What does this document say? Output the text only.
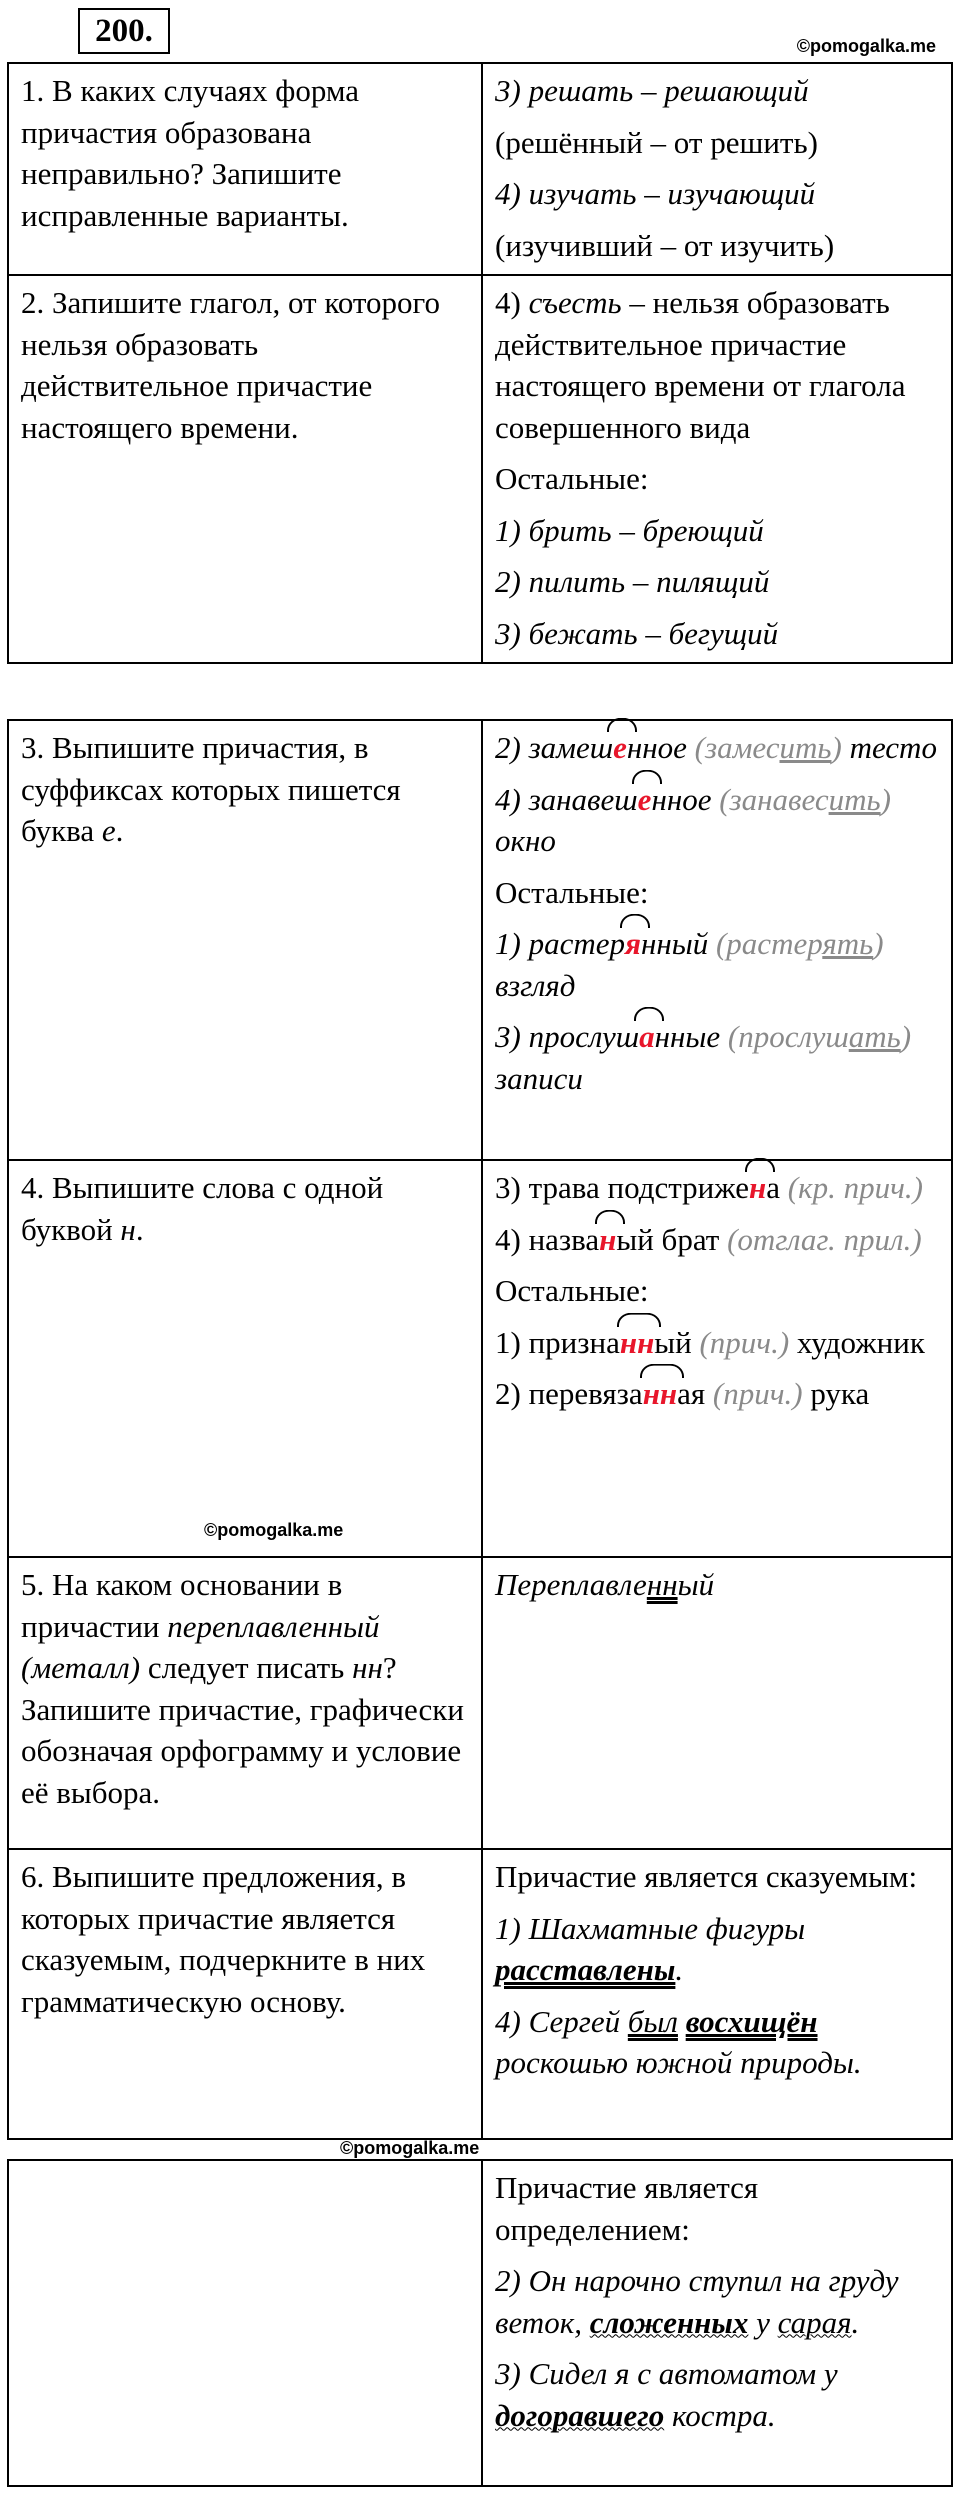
200.	©pomogalka.me
1. В каких случаях форма причастия образована неправильно? Запишите исправленные варианты.	3) решать – решающий

(решённый – от решить)

4) изучать – изучающий

(изучивший – от изучить)

2. Запишите глагол, от которого нельзя образовать действительное причастие настоящего времени.	4) съесть – нельзя образовать действительное причастие настоящего времени от глагола совершенного вида

Остальные:

1) брить – бреющий

2) пилить – пилящий

3) бежать – бегущий

3. Выпишите причастия, в суффиксах которых пишется буква е.	2) замешенное (замесить) тесто

4) занавешенное (занавесить) окно

Остальные:

1) растерянный (растерять) взгляд

3) прослушанные (прослушать) записи

4. Выпишите слова с одной буквой н.	3) трава подстрижена (кр. прич.)

4) названый брат (отглаг. прил.)

Остальные:

1) признанный (прич.) художник

2) перевязанная (прич.) рука

5. На каком основании в причастии переплавленный (металл) следует писать нн? Запишите причастие, графически обозначая орфограмму и условие её выбора.	Переплавленный

6. Выпишите предложения, в которых причастие является сказуемым, подчеркните в них грамматическую основу.	Причастие является сказуемым:

1) Шахматные фигуры расставлены.

4) Сергей был восхищён роскошью южной природы.

©pomogalka.me
©pomogalka.me

Причастие является определением:

2) Он нарочно ступил на груду веток, сложенных у сарая.

3) Сидел я с автоматом у догоравшего костра.
